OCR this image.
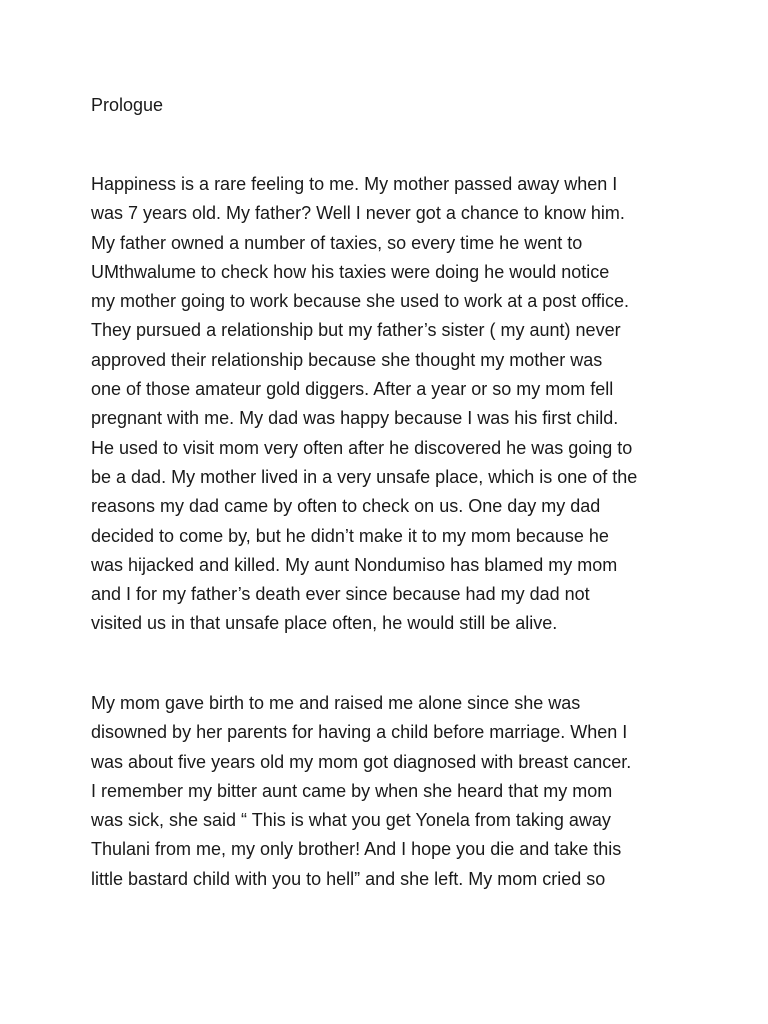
Prologue

Happiness is a rare feeling to me. My mother passed away when I
was 7 years old. My father? Well I never got a chance to know him.
My father owned a number of taxies, so every time he went to
UMthwalume to check how his taxies were doing he would notice
my mother going to work because she used to work at a post office.
They pursued a relationship but my father’s sister ( my aunt) never
approved their relationship because she thought my mother was
one of those amateur gold diggers. After a year or so my mom fell
pregnant with me. My dad was happy because I was his first child.
He used to visit mom very often after he discovered he was going to
be a dad. My mother lived in a very unsafe place, which is one of the
reasons my dad came by often to check on us. One day my dad
decided to come by, but he didn’t make it to my mom because he
was hijacked and killed. My aunt Nondumiso has blamed my mom
and I for my father’s death ever since because had my dad not
visited us in that unsafe place often, he would still be alive.

My mom gave birth to me and raised me alone since she was
disowned by her parents for having a child before marriage. When I
was about five years old my mom got diagnosed with breast cancer.
I remember my bitter aunt came by when she heard that my mom
was sick, she said “ This is what you get Yonela from taking away
Thulani from me, my only brother! And I hope you die and take this
little bastard child with you to hell” and she left. My mom cried so
